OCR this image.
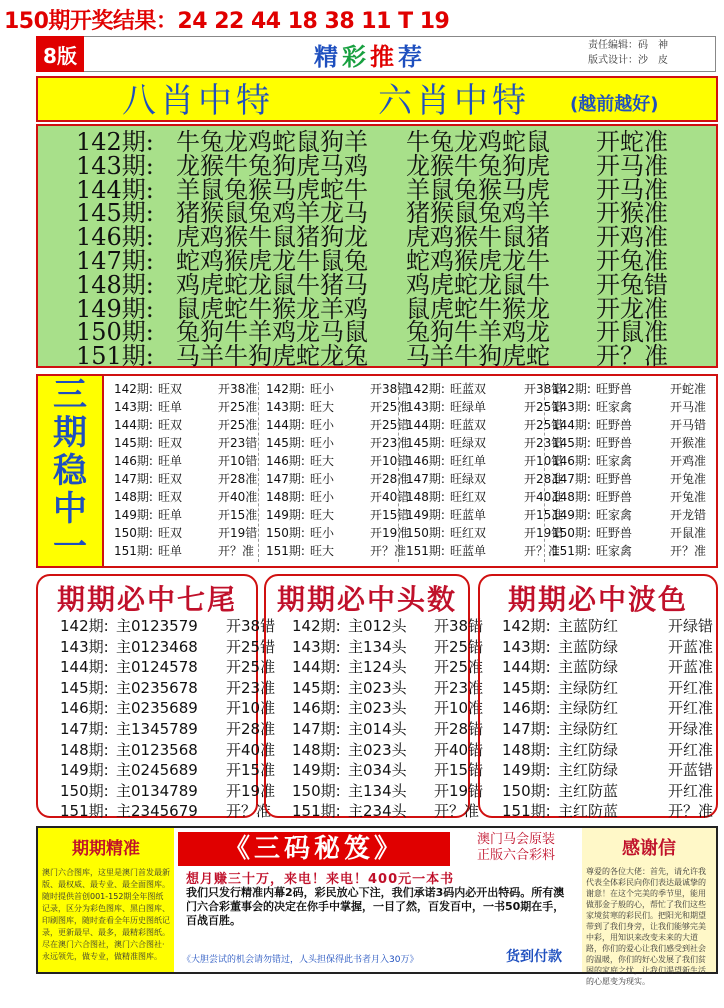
150期开奖结果：24 22 44 18 38 11 T 19
8版	精 彩 推 荐	责任编辑：码　神
版式设计：沙　皮
八肖中特	六肖中特 (越前越好)
142期: 牛兔龙鸡蛇鼠狗羊 牛兔龙鸡蛇鼠 开蛇准
143期: 龙猴牛兔狗虎马鸡 龙猴牛兔狗虎 开马准
144期: 羊鼠兔猴马虎蛇牛 羊鼠兔猴马虎 开马准
145期: 猪猴鼠兔鸡羊龙马 猪猴鼠兔鸡羊 开猴准
146期: 虎鸡猴牛鼠猪狗龙 虎鸡猴牛鼠猪 开鸡准
147期: 蛇鸡猴虎龙牛鼠兔 蛇鸡猴虎龙牛 开兔准
148期: 鸡虎蛇龙鼠牛猪马 鸡虎蛇龙鼠牛 开兔错
149期: 鼠虎蛇牛猴龙羊鸡 鼠虎蛇牛猴龙 开龙准
150期: 兔狗牛羊鸡龙马鼠 兔狗牛羊鸡龙 开鼠准
151期: 马羊牛狗虎蛇龙兔 马羊牛狗虎蛇 开？准
三
期
稳
中
一
142期: 旺双	开38准
143期: 旺单	开25准
144期: 旺双	开25准
145期: 旺双	开23错
146期: 旺单	开10错
147期: 旺双	开28准
148期: 旺双	开40准
149期: 旺单	开15准
150期: 旺双	开19错
151期: 旺单	开？准
142期: 旺小	开38错
143期: 旺大	开25准
144期: 旺小	开25错
145期: 旺小	开23准
146期: 旺大	开10错
147期: 旺小	开28准
148期: 旺小	开40错
149期: 旺大	开15错
150期: 旺小	开19准
151期: 旺大	开？准
142期: 旺蓝双	开38错
143期: 旺绿单	开25错
144期: 旺蓝双	开25错
145期: 旺绿双	开23错
146期: 旺红单	开10错
147期: 旺绿双	开28准
148期: 旺红双	开40准
149期: 旺蓝单	开15准
150期: 旺红双	开19错
151期: 旺蓝单	开？准
142期: 旺野兽	开蛇准
143期: 旺家禽	开马准
144期: 旺野兽	开马错
145期: 旺野兽	开猴准
146期: 旺家禽	开鸡准
147期: 旺野兽	开兔准
148期: 旺野兽	开兔准
149期: 旺家禽	开龙错
150期: 旺野兽	开鼠准
151期: 旺家禽	开？准
期期必中七尾
142期: 主0123579 开38错
143期: 主0123468 开25错
144期: 主0124578 开25准
145期: 主0235678 开23准
146期: 主0235689 开10准
147期: 主1345789 开28准
148期: 主0123568 开40准
149期: 主0245689 开15准
150期: 主0134789 开19准
151期: 主2345679 开？准
期期必中头数
142期: 主012头 开38错
143期: 主134头 开25错
144期: 主124头 开25准
145期: 主023头 开23准
146期: 主023头 开10准
147期: 主014头 开28错
148期: 主023头 开40错
149期: 主034头 开15错
150期: 主134头 开19错
151期: 主234头 开？准
期期必中波色
142期: 主蓝防红	开绿错
143期: 主蓝防绿	开蓝准
144期: 主蓝防绿	开蓝准
145期: 主绿防红	开红准
146期: 主绿防红	开红准
147期: 主绿防红	开绿准
148期: 主红防绿	开红准
149期: 主红防绿	开蓝错
150期: 主红防蓝	开红准
151期: 主红防蓝	开？准
期期精准

澳门六合图库，这里是澳门首发最新版、最权威、最专业、最全面图库。随时提供首创001-152期全年图纸记录，区分为彩色图库、黑白图库、印刷图库，随时查看全年历史图纸记录，更新最早、最多，最精彩图纸。尽在澳门六合图社，澳门六合图社·永远领先，做专业，做精准图库。

《三码秘笈》	澳门马会原装
正版六合彩料
想月赚三十万，来电！来电！400元一本书
我们只发行精准内幕2码，彩民放心下注，我们承诺3码内必开出特码。所有澳门六合彩董事会的决定在你手中掌握，一目了然，百发百中，一书50期在手，百战百胜。
《大胆尝试的机会请勿错过，人头担保得此书者月入30万》	货到付款
感谢信

尊爱的各位大佬：首先，请允许我代表全体彩民向你们表达最诚挚的谢意！在这个完美的季节里，能用做那金子般的心，帮忙了我们这些家境贫寒的彩民们。把阳光和期望带到了我们身旁，让我们能够完美中彩，用知识来改变未来的大道路，你们的爱心让我们感受到社会的温暖，你们的好心发展了我们贫困的家庭之忧，让我们渴望新生活的心愿变为现实。
